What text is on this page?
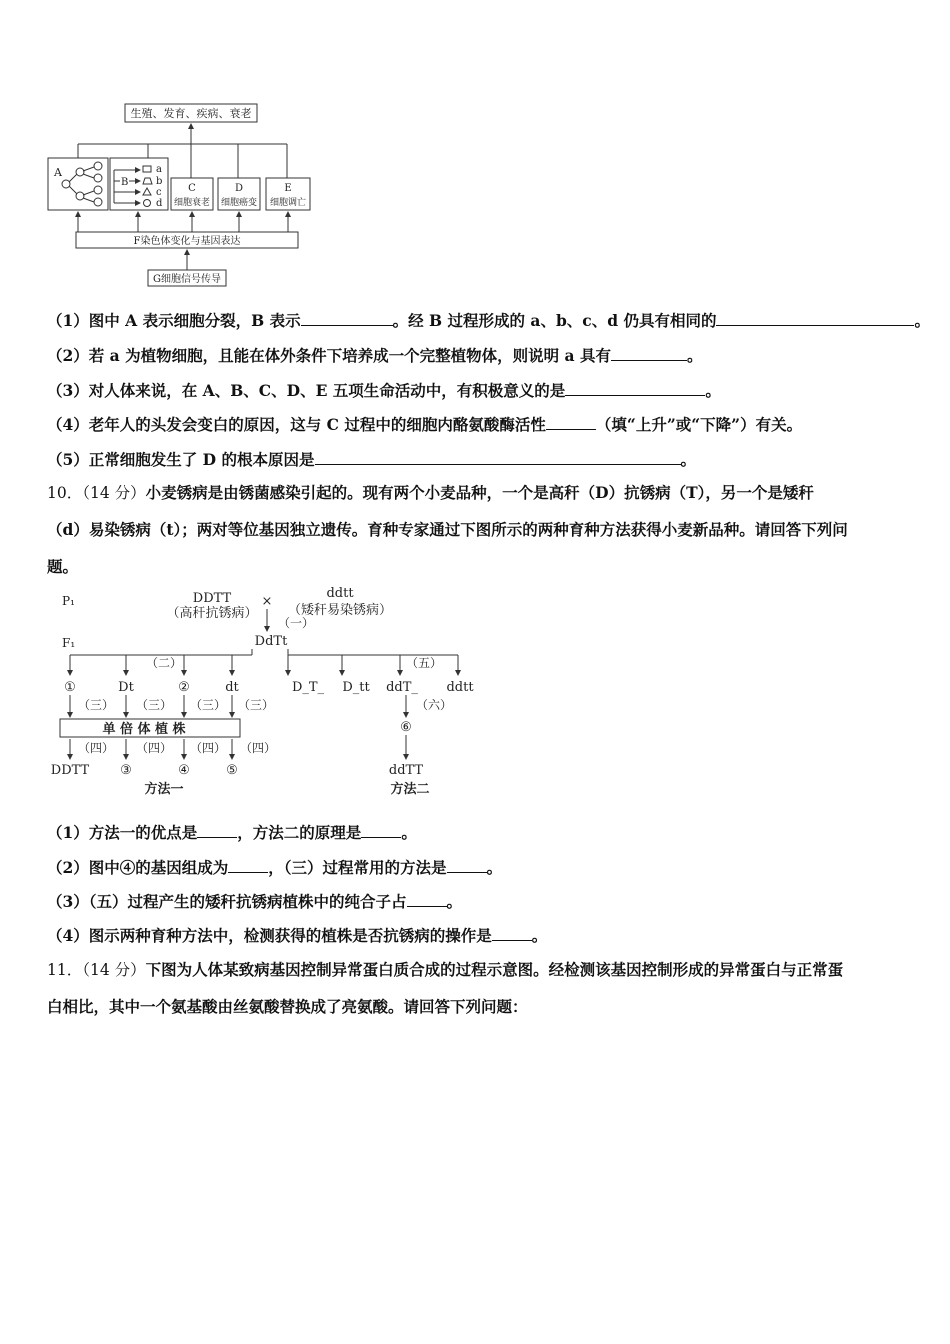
生殖、发育、疾病、衰老
A
B
a
b
c
d
C
细胞衰老
D
细胞癌变
E
细胞调亡
F染色体变化与基因表达
G细胞信号传导
（1）图中 A 表示细胞分裂，B 表示	。经 B 过程形成的 a、b、c、d 仍具有相同的	。
（2）若 a 为植物细胞，且能在体外条件下培养成一个完整植物体，则说明 a 具有	。
（3）对人体来说，在 A、B、C、D、E 五项生命活动中，有积极意义的是	。
（4）老年人的头发会变白的原因，这与 C 过程中的细胞内酪氨酸酶活性	（填“上升”或“下降”）有关。
（5）正常细胞发生了 D 的根本原因是	。
10．（14 分）小麦锈病是由锈菌感染引起的。现有两个小麦品种，一个是高秆（D）抗锈病（T），另一个是矮秆
（d）易染锈病（t）；两对等位基因独立遗传。育种专家通过下图所示的两种育种方法获得小麦新品种。请回答下列问
题。
P₁
F₁
DDTT
（高秆抗锈病）
×
ddtt
（矮秆易染锈病）
（一）
DdTt
（二）	（五）
①	Dt	②	dt
（三） （三） （三） （三）
单 倍 体 植 株
（四） （四） （四） （四）
DDTT ③	④	⑤
方法一
D_T_ D_tt ddT_ ddtt
（六）
⑥
ddTT
方法二
（1）方法一的优点是	，方法二的原理是	。
（2）图中④的基因组成为	，（三）过程常用的方法是	。
（3）（五）过程产生的矮秆抗锈病植株中的纯合子占	。
（4）图示两种育种方法中，检测获得的植株是否抗锈病的操作是	。
11．（14 分）下图为人体某致病基因控制异常蛋白质合成的过程示意图。经检测该基因控制形成的异常蛋白与正常蛋
白相比，其中一个氨基酸由丝氨酸替换成了亮氨酸。请回答下列问题：
